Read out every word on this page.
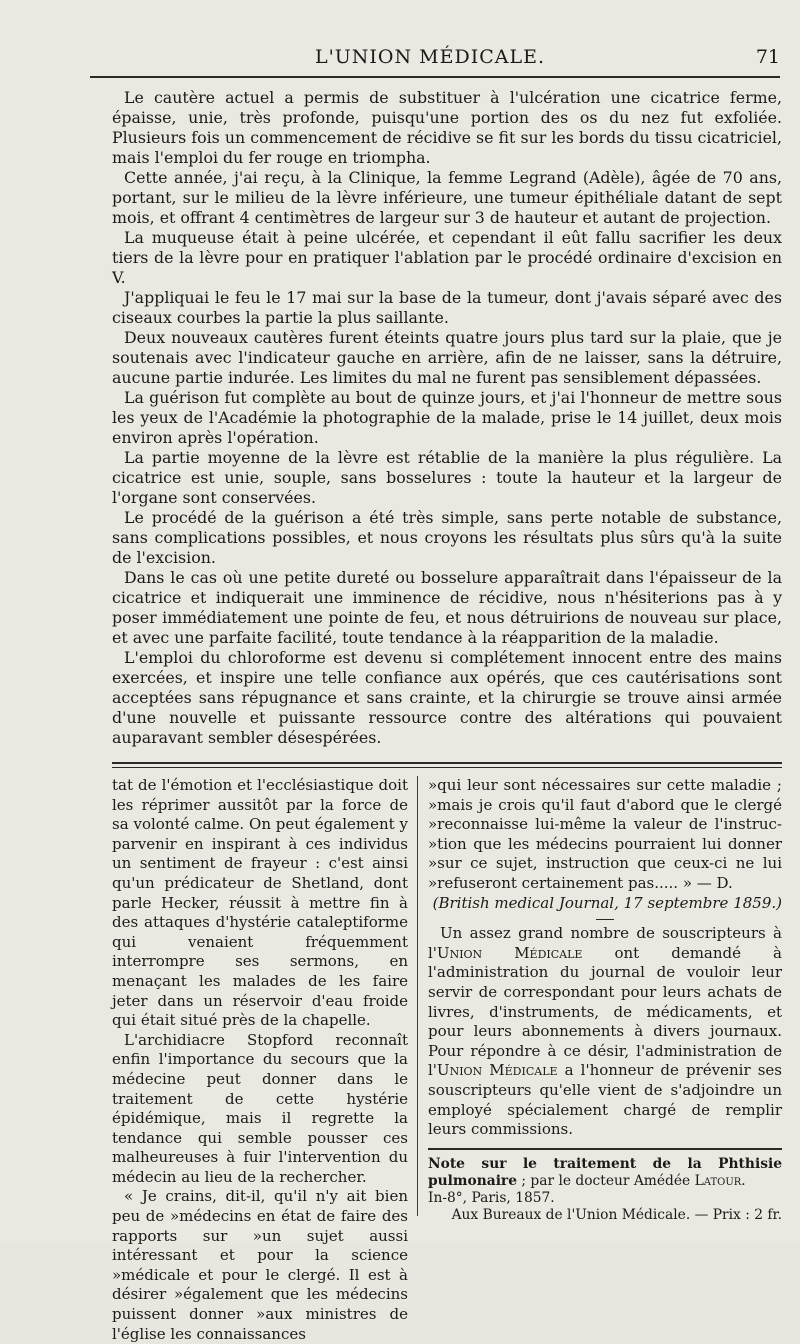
L'UNION MÉDICALE.	71

Le cautère actuel a permis de substituer à l'ulcération une cicatrice ferme, épaisse, unie, très profonde, puisqu'une portion des os du nez fut exfoliée. Plusieurs fois un commencement de récidive se fit sur les bords du tissu cicatriciel, mais l'emploi du fer rouge en triompha.

Cette année, j'ai reçu, à la Clinique, la femme Legrand (Adèle), âgée de 70 ans, portant, sur le milieu de la lèvre inférieure, une tumeur épithéliale datant de sept mois, et offrant 4 centimètres de largeur sur 3 de hauteur et autant de projection.

La muqueuse était à peine ulcérée, et cependant il eût fallu sacrifier les deux tiers de la lèvre pour en pratiquer l'ablation par le procédé ordinaire d'excision en V.

J'appliquai le feu le 17 mai sur la base de la tumeur, dont j'avais séparé avec des ciseaux courbes la partie la plus saillante.

Deux nouveaux cautères furent éteints quatre jours plus tard sur la plaie, que je soutenais avec l'indicateur gauche en arrière, afin de ne laisser, sans la détruire, aucune partie indurée. Les limites du mal ne furent pas sensiblement dépassées.

La guérison fut complète au bout de quinze jours, et j'ai l'honneur de mettre sous les yeux de l'Académie la photographie de la malade, prise le 14 juillet, deux mois environ après l'opération.

La partie moyenne de la lèvre est rétablie de la manière la plus régulière. La cicatrice est unie, souple, sans bosselures : toute la hauteur et la largeur de l'organe sont conservées.

Le procédé de la guérison a été très simple, sans perte notable de substance, sans complications possibles, et nous croyons les résultats plus sûrs qu'à la suite de l'excision.

Dans le cas où une petite dureté ou bosselure apparaîtrait dans l'épaisseur de la cicatrice et indiquerait une imminence de récidive, nous n'hésiterions pas à y poser immédiatement une pointe de feu, et nous détruirions de nouveau sur place, et avec une parfaite facilité, toute tendance à la réapparition de la maladie.

L'emploi du chloroforme est devenu si complétement innocent entre des mains exercées, et inspire une telle confiance aux opérés, que ces cautérisations sont acceptées sans répugnance et sans crainte, et la chirurgie se trouve ainsi armée d'une nouvelle et puissante ressource contre des altérations qui pouvaient auparavant sembler désespérées.

tat de l'émotion et l'ecclésiastique doit les réprimer aussitôt par la force de sa volonté calme. On peut également y parvenir en inspirant à ces individus un sentiment de frayeur : c'est ainsi qu'un prédicateur de Shetland, dont parle Hecker, réussit à mettre fin à des attaques d'hystérie cataleptiforme qui venaient fréquemment interrompre ses sermons, en menaçant les malades de les faire jeter dans un réservoir d'eau froide qui était situé près de la chapelle.

L'archidiacre Stopford reconnaît enfin l'importance du secours que la médecine peut donner dans le traitement de cette hystérie épidémique, mais il regrette la tendance qui semble pousser ces malheureuses à fuir l'intervention du médecin au lieu de la rechercher.

« Je crains, dit-il, qu'il n'y ait bien peu de »médecins en état de faire des rapports sur »un sujet aussi intéressant et pour la science »médicale et pour le clergé. Il est à désirer »également que les médecins puissent donner »aux ministres de l'église les connaissances

»qui leur sont nécessaires sur cette maladie ; »mais je crois qu'il faut d'abord que le clergé »reconnaisse lui-même la valeur de l'instruc- »tion que les médecins pourraient lui donner »sur ce sujet, instruction que ceux-ci ne lui »refuseront certainement pas..... » — D.

(British medical Journal, 17 septembre 1859.)

Un assez grand nombre de souscripteurs à l'Union Médicale ont demandé à l'administration du journal de vouloir leur servir de correspondant pour leurs achats de livres, d'instruments, de médicaments, et pour leurs abonnements à divers journaux. Pour répondre à ce désir, l'administration de l'Union Médicale a l'honneur de prévenir ses souscripteurs qu'elle vient de s'adjoindre un employé spécialement chargé de remplir leurs commissions.

Note sur le traitement de la Phthisie pulmonaire ; par le docteur Amédée Latour.

In-8°, Paris, 1857.

Aux Bureaux de l'Union Médicale. — Prix : 2 fr.
